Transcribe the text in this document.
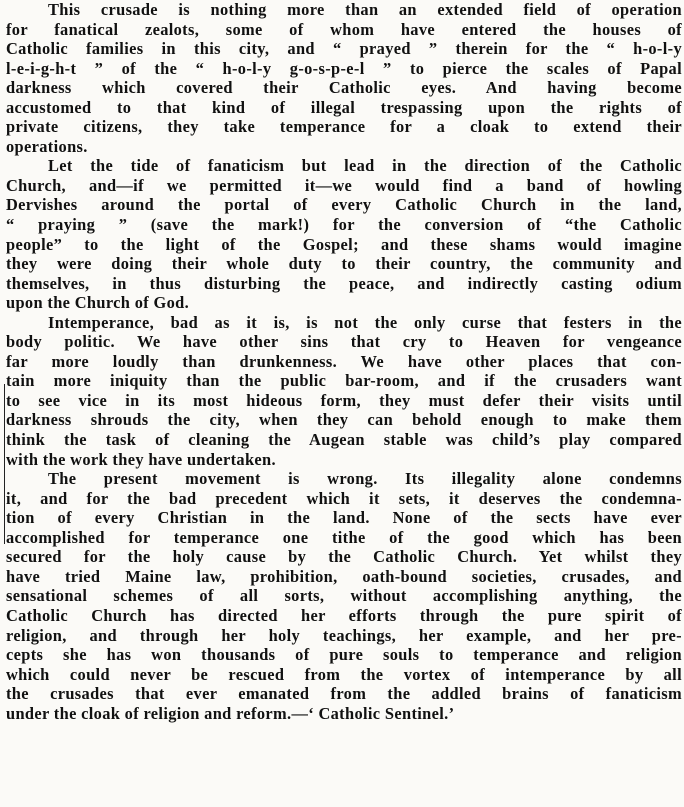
This crusade is nothing more than an extended field of operation
for fanatical zealots, some of whom have entered the houses of
Catholic families in this city, and “ prayed ” therein for the “ h-o-l-y
l-e-i-g-h-t ” of the “ h-o-l-y g-o-s-p-e-l ” to pierce the scales of Papal
darkness which covered their Catholic eyes. And having become
accustomed to that kind of illegal trespassing upon the rights of
private citizens, they take temperance for a cloak to extend their
operations.
Let the tide of fanaticism but lead in the direction of the Catholic
Church, and—if we permitted it—we would find a band of howling
Dervishes around the portal of every Catholic Church in the land,
“ praying ” (save the mark!) for the conversion of “the Catholic
people” to the light of the Gospel; and these shams would imagine
they were doing their whole duty to their country, the community and
themselves, in thus disturbing the peace, and indirectly casting odium
upon the Church of God.
Intemperance, bad as it is, is not the only curse that festers in the
body politic. We have other sins that cry to Heaven for vengeance
far more loudly than drunkenness. We have other places that con-
tain more iniquity than the public bar-room, and if the crusaders want
to see vice in its most hideous form, they must defer their visits until
darkness shrouds the city, when they can behold enough to make them
think the task of cleaning the Augean stable was child’s play compared
with the work they have undertaken.
The present movement is wrong. Its illegality alone condemns
it, and for the bad precedent which it sets, it deserves the condemna-
tion of every Christian in the land. None of the sects have ever
accomplished for temperance one tithe of the good which has been
secured for the holy cause by the Catholic Church. Yet whilst they
have tried Maine law, prohibition, oath-bound societies, crusades, and
sensational schemes of all sorts, without accomplishing anything, the
Catholic Church has directed her efforts through the pure spirit of
religion, and through her holy teachings, her example, and her pre-
cepts she has won thousands of pure souls to temperance and religion
which could never be rescued from the vortex of intemperance by all
the crusades that ever emanated from the addled brains of fanaticism
under the cloak of religion and reform.—‘ Catholic Sentinel.’
